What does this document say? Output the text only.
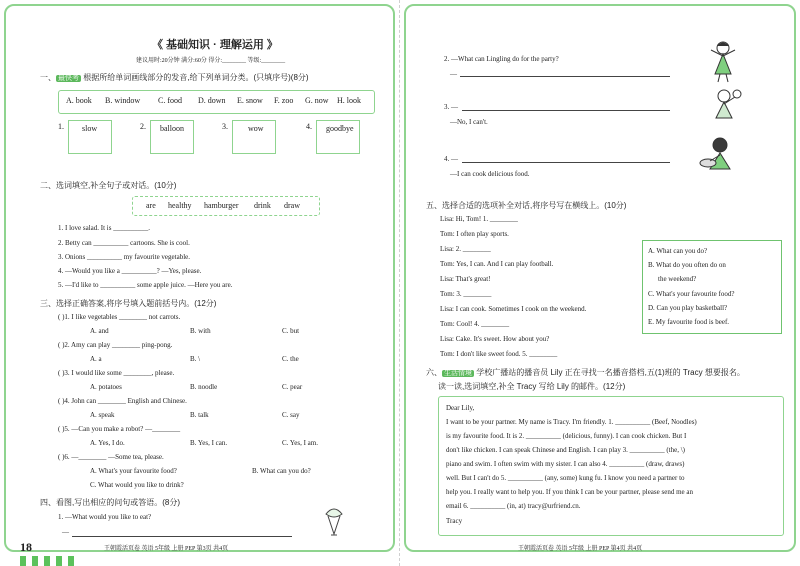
《 基础知识 · 理解运用 》
建议用时:20分钟 满分:60分 得分:________ 等级:________
一、 最快考 根据所给单词画线部分的发音,给下列单词分类。(只填序号)(8分)
A. book B. window C. food D. down E. snow F. zoo G. now H. look
1. slow	2. balloon	3.	wow	4. goodbye
二、选词填空,补全句子或对话。(10分)
are healthy hamburger drink draw
1. I love salad. It is __________.
2. Betty can __________ cartoons. She is cool.
3. Onions __________ my favourite vegetable.
4. —Would you like a __________? —Yes, please.
5. —I'd like to __________ some apple juice. —Here you are.
三、选择正确答案,将序号填入题前括号内。(12分)
( )1. I like vegetables ________ not carrots.
A. and	B. with	C. but
( )2. Amy can play ________ ping-pong.
A. a	B. \	C. the
( )3. I would like some ________, please.
A. potatoes	B. noodle	C. pear
( )4. John can ________ English and Chinese.
A. speak	B. talk	C. say
( )5. —Can you make a robot? —________
A. Yes, I do.	B. Yes, I can.	C. Yes, I am.
( )6. —________ —Some tea, please.
A. What's your favourite food?	B. What can you do?
C. What would you like to drink?
四、看图,写出相应的问句或答语。(8分)
1. —What would you like to eat?
—
18	王朝霞活页卷 英语 5年级 上册 PEP 第3页 共4页
2. —What can Lingling do for the party?
—
3. —
—No, I can't.
4. —
—I can cook delicious food.
五、选择合适的选项补全对话,将序号写在横线上。(10分)
Lisa: Hi, Tom! 1. ________
Tom: I often play sports.
Lisa: 2. ________
Tom: Yes, I can. And I can play football.
Lisa: That's great!
Tom: 3. ________
Lisa: I can cook. Sometimes I cook on the weekend.
Tom: Cool! 4. ________
Lisa: Cake. It's sweet. How about you?
Tom: I don't like sweet food. 5. ________
A. What can you do?
B. What do you often do on
the weekend?
C. What's your favourite food?
D. Can you play basketball?
E. My favourite food is beef.
六、 生活情境 学校广播站的播音员 Lily 正在寻找一名播音搭档,五(1)班的 Tracy 想要报名。
读一读,选词填空,补全 Tracy 写给 Lily 的邮件。(12分)
Dear Lily,
I want to be your partner. My name is Tracy. I'm friendly. 1. __________ (Beef, Noodles)
is my favourite food. It is 2. __________ (delicious, funny). I can cook chicken. But I
don't like chicken. I can speak Chinese and English. I can play 3. __________ (the, \)
piano and swim. I often swim with my sister. I can also 4. __________ (draw, draws)
well. But I can't do 5. __________ (any, some) kung fu. I know you need a partner to
help you. I really want to help you. If you think I can be your partner, please send me an
email 6. __________ (in, at) tracy@urfriend.cn.
Tracy
王朝霞活页卷 英语 5年级 上册 PEP 第4页 共4页
